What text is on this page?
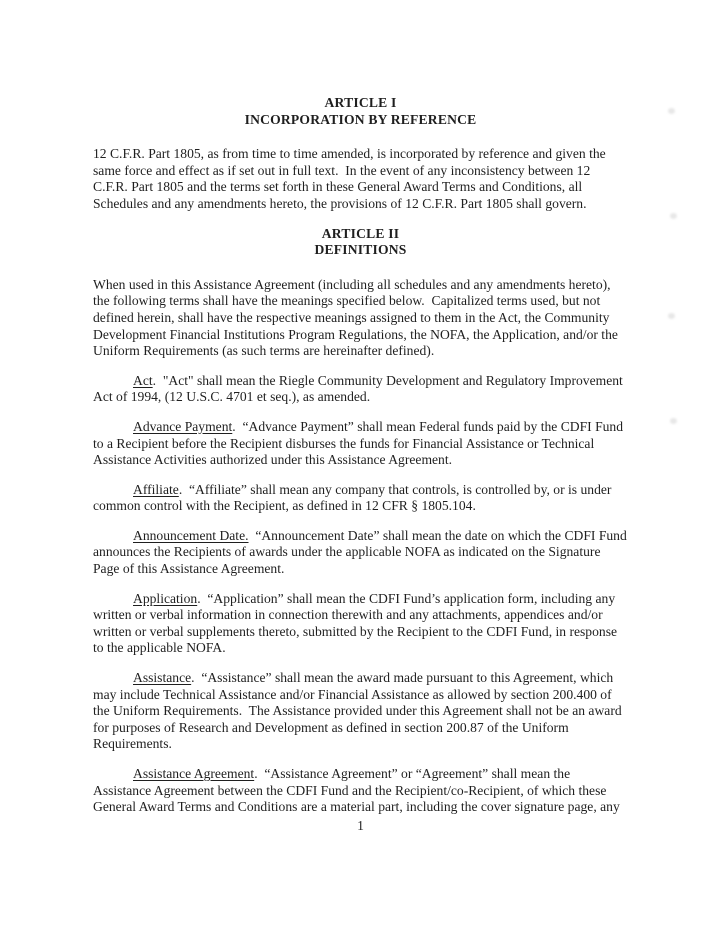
ARTICLE I
INCORPORATION BY REFERENCE

12 C.F.R. Part 1805, as from time to time amended, is incorporated by reference and given the same force and effect as if set out in full text.  In the event of any inconsistency between 12 C.F.R. Part 1805 and the terms set forth in these General Award Terms and Conditions, all Schedules and any amendments hereto, the provisions of 12 C.F.R. Part 1805 shall govern.

ARTICLE II
DEFINITIONS

When used in this Assistance Agreement (including all schedules and any amendments hereto), the following terms shall have the meanings specified below.  Capitalized terms used, but not defined herein, shall have the respective meanings assigned to them in the Act, the Community Development Financial Institutions Program Regulations, the NOFA, the Application, and/or the Uniform Requirements (as such terms are hereinafter defined).

Act.  "Act" shall mean the Riegle Community Development and Regulatory Improvement Act of 1994, (12 U.S.C. 4701 et seq.), as amended.

Advance Payment.  “Advance Payment” shall mean Federal funds paid by the CDFI Fund to a Recipient before the Recipient disburses the funds for Financial Assistance or Technical Assistance Activities authorized under this Assistance Agreement.

Affiliate.  “Affiliate” shall mean any company that controls, is controlled by, or is under common control with the Recipient, as defined in 12 CFR § 1805.104.

Announcement Date.  “Announcement Date” shall mean the date on which the CDFI Fund announces the Recipients of awards under the applicable NOFA as indicated on the Signature Page of this Assistance Agreement.

Application.  “Application” shall mean the CDFI Fund’s application form, including any written or verbal information in connection therewith and any attachments, appendices and/or written or verbal supplements thereto, submitted by the Recipient to the CDFI Fund, in response to the applicable NOFA.

Assistance.  “Assistance” shall mean the award made pursuant to this Agreement, which may include Technical Assistance and/or Financial Assistance as allowed by section 200.400 of the Uniform Requirements.  The Assistance provided under this Agreement shall not be an award for purposes of Research and Development as defined in section 200.87 of the Uniform Requirements.

Assistance Agreement.  “Assistance Agreement” or “Agreement” shall mean the Assistance Agreement between the CDFI Fund and the Recipient/co-Recipient, of which these General Award Terms and Conditions are a material part, including the cover signature page, any

1
